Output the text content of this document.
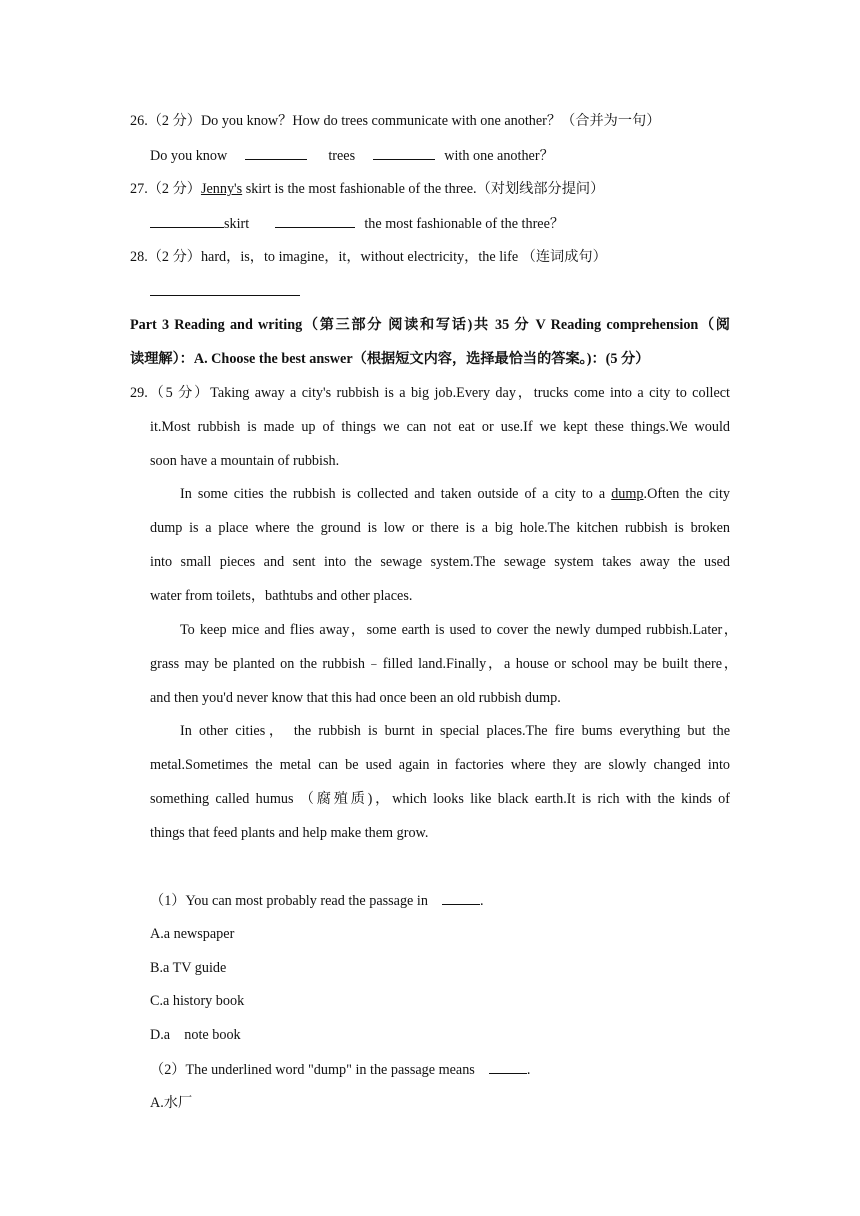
26.（2 分）Do you know？How do trees communicate with one another？（合并为一句）
Do you know	trees	with one another？
27.（2 分）Jenny's skirt is the most fashionable of the three.（对划线部分提问）
skirt	the most fashionable of the three？
28.（2 分）hard，is，to imagine，it，without electricity，the life （连词成句）
Part 3 Reading and writing（第三部分 阅读和写话)共 35 分 V Reading comprehension（阅
读理解）：A. Choose the best answer（根据短文内容，选择最恰当的答案。)：(5 分）
29.（5 分）Taking away a city's rubbish is a big job.Every day，trucks come into a city to collect
it.Most rubbish is made up of things we can not eat or use.If we kept these things.We would
soon have a mountain of rubbish.
In some cities the rubbish is collected and taken outside of a city to a dump.Often the city
dump is a place where the ground is low or there is a big hole.The kitchen rubbish is broken
into small pieces and sent into the sewage system.The sewage system takes away the used
water from toilets，bathtubs and other places.
To keep mice and flies away，some earth is used to cover the newly dumped rubbish.Later，
grass may be planted on the rubbish﹣filled land.Finally，a house or school may be built there，
and then you'd never know that this had once been an old rubbish dump.
In other cities， the rubbish is burnt in special places.The fire bums everything but the
metal.Sometimes the metal can be used again in factories where they are slowly changed into
something called humus （腐殖质)，which looks like black earth.It is rich with the kinds of
things that feed plants and help make them grow.
（1）You can most probably read the passage in	.
A.a newspaper
B.a TV guide
C.a history book
D.a    note book
（2）The underlined word "dump" in the passage means	.
A.水厂
